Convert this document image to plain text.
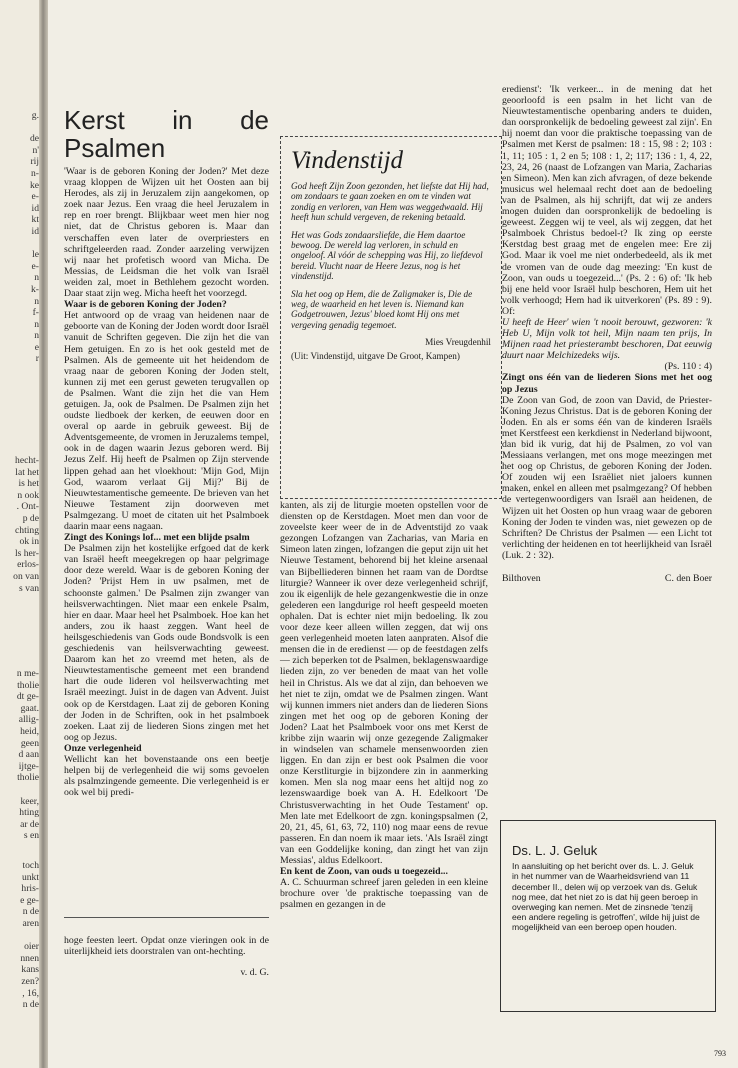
g.

de
n'
rij
n-
ke
e-
id
kt
id

le
e-
n
k-
n
f-
n
n
e
r
hecht-
lat het
is het
n ook
. Ont-
p de
chting
ok in
ls her-
erlos-
on van
s van
n me-
tholie
dt ge-
gaat.
allig-
heid,
geen
d aan
ijtge-
tholie

keer,
hting
ar de
s en
toch
unkt
hris-
e ge-
n de
aren

oier
nnen
kans
zen?
, 16,
n de
Kerst in de Psalmen

'Waar is de geboren Koning der Joden?' Met deze vraag kloppen de Wijzen uit het Oosten aan bij Herodes, als zij in Jeruzalem zijn aangekomen, op zoek naar Jezus. Een vraag die heel Jeruzalem in rep en roer brengt. Blijkbaar weet men hier nog niet, dat de Christus geboren is. Maar dan verschaffen even later de overpriesters en schriftgeleerden raad. Zonder aarzeling verwijzen wij naar het profetisch woord van Micha. De Messias, de Leidsman die het volk van Israël weiden zal, moet in Bethlehem gezocht worden. Daar staat zijn weg. Micha heeft het voorzegd.

Waar is de geboren Koning der Joden?

Het antwoord op de vraag van heidenen naar de geboorte van de Koning der Joden wordt door Israël vanuit de Schriften gegeven. Die zijn het die van Hem getuigen. En zo is het ook gesteld met de Psalmen. Als de gemeente uit het heidendom de vraag naar de geboren Koning der Joden stelt, kunnen zij met een gerust geweten terugvallen op de Psalmen. Want die zijn het die van Hem getuigen. Ja, ook de Psalmen. De Psalmen zijn het oudste liedboek der kerken, de eeuwen door en overal op aarde in gebruik geweest. Bij de Adventsgemeente, de vromen in Jeruzalems tempel, ook in de dagen waarin Jezus geboren werd. Bij Jezus Zelf. Hij heeft de Psalmen op Zijn stervende lippen gehad aan het vloekhout: 'Mijn God, Mijn God, waarom verlaat Gij Mij?' Bij de Nieuwtestamentische gemeente. De brieven van het Nieuwe Testament zijn doorweven met Psalmgezang. U moet de citaten uit het Psalmboek daarin maar eens nagaan.

Zingt des Konings lof... met een blijde psalm

De Psalmen zijn het kostelijke erfgoed dat de kerk van Israël heeft meegekregen op haar pelgrimage door deze wereld. Waar is de geboren Koning der Joden? 'Prijst Hem in uw psalmen, met de schoonste galmen.' De Psalmen zijn zwanger van heilsverwachtingen. Niet maar een enkele Psalm, hier en daar. Maar heel het Psalmboek. Hoe kan het anders, zou ik haast zeggen. Want heel de heilsgeschiedenis van Gods oude Bondsvolk is een geschiedenis van heilsverwachting geweest. Daarom kan het zo vreemd met heten, als de Nieuwtestamentische gemeent met een brandend hart die oude lideren vol heilsverwachting met Israël meezingt. Juist in de dagen van Advent. Juist ook op de Kerstdagen. Laat zij de geboren Koning der Joden in de Schriften, ook in het psalmboek zoeken. Laat zij de liederen Sions zingen met het oog op Jezus.

Onze verlegenheid

Wellicht kan het bovenstaande ons een beetje helpen bij de verlegenheid die wij soms gevoelen als psalmzingende gemeente. Die verlegenheid is er ook wel bij predi-

hoge feesten leert. Opdat onze vieringen ook in de uiterlijkheid iets doorstralen van ont-hechting.

v. d. G.
Vindenstijd

God heeft Zijn Zoon gezonden, het liefste dat Hij had, om zondaars te gaan zoeken en om te vinden wat zondig en verloren, van Hem was weggedwaald. Hij heeft hun schuld vergeven, de rekening betaald.

Het was Gods zondaarsliefde, die Hem daartoe bewoog. De wereld lag verloren, in schuld en ongeloof. Al vóór de schepping was Hij, zo liefdevol bereid. Vlucht naar de Heere Jezus, nog is het vindenstijd.

Sla het oog op Hem, die de Zaligmaker is, Die de weg, de waarheid en het leven is. Niemand kan Godgetrouwen, Jezus' bloed komt Hij ons met vergeving genadig tegemoet.

Mies Vreugdenhil
(Uit: Vindenstijd, uitgave De Groot, Kampen)

kanten, als zij de liturgie moeten opstellen voor de diensten op de Kerstdagen. Moet men dan voor de zoveelste keer weer de in de Adventstijd zo vaak gezongen Lofzangen van Zacharias, van Maria en Simeon laten zingen, lofzangen die geput zijn uit het Nieuwe Testament, behorend bij het kleine arsenaal van Bijbelliederen binnen het raam van de Dordtse liturgie? Wanneer ik over deze verlegenheid schrijf, zou ik eigenlijk de hele gezangenkwestie die in onze gelederen een langdurige rol heeft gespeeld moeten ophalen. Dat is echter niet mijn bedoeling. Ik zou voor deze keer alleen willen zeggen, dat wij ons geen verlegenheid moeten laten aanpraten. Alsof die mensen die in de eredienst — op de feestdagen zelfs — zich beperken tot de Psalmen, beklagenswaardige lieden zijn, zo ver beneden de maat van het volle heil in Christus. Als we dat al zijn, dan behoeven we het niet te zijn, omdat we de Psalmen zingen. Want wij kunnen immers niet anders dan de liederen Sions zingen met het oog op de geboren Koning der Joden? Laat het Psalmboek voor ons met Kerst de kribbe zijn waarin wij onze gezegende Zaligmaker in windselen van schamele mensenwoorden zien liggen. En dan zijn er best ook Psalmen die voor onze Kerstliturgie in bijzondere zin in aanmerking komen. Men sla nog maar eens het altijd nog zo lezenswaardige boek van A. H. Edelkoort 'De Christusverwachting in het Oude Testament' op. Men late met Edelkoort de zgn. koningspsalmen (2, 20, 21, 45, 61, 63, 72, 110) nog maar eens de revue passeren. En dan noem ik maar iets. 'Als Israël zingt van een Goddelijke koning, dan zingt het van zijn Messias', aldus Edelkoort.

En kent de Zoon, van ouds u toegezeid...

A. C. Schuurman schreef jaren geleden in een kleine brochure over 'de praktische toepassing van de psalmen en gezangen in de

eredienst': 'Ik verkeer... in de mening dat het geoorloofd is een psalm in het licht van de Nieuwtestamentische openbaring anders te duiden, dan oorspronkelijk de bedoeling geweest zal zijn'. En hij noemt dan voor die praktische toepassing van de Psalmen met Kerst de psalmen: 18 : 15, 98 : 2; 103 : 1, 11; 105 : 1, 2 en 5; 108 : 1, 2; 117; 136 : 1, 4, 22, 23, 24, 26 (naast de Lofzangen van Maria, Zacharias en Simeon). Men kan zich afvragen, of deze bekende musicus wel helemaal recht doet aan de bedoeling van de Psalmen, als hij schrijft, dat wij ze anders mogen duiden dan oorspronkelijk de bedoeling is geweest. Zeggen wij te veel, als wij zeggen, dat het Psalmboek Christus bedoel-t? Ik zing op eerste Kerstdag best graag met de engelen mee: Ere zij God. Maar ik voel me niet onderbedeeld, als ik met de vromen van de oude dag meezing: 'En kust de Zoon, van ouds u toegezeid...' (Ps. 2 : 6) of: 'Ik heb bij ene held voor Israël hulp beschoren, Hem uit het volk verhoogd; Hem had ik uitverkoren' (Ps. 89 : 9). Of:

U heeft de Heer' wien 't nooit berouwt, gezworen: 'k Heb U, Mijn volk tot heil, Mijn naam ten prijs, In Mijnen raad het priesterambt beschoren, Dat eeuwig duurt naar Melchizedeks wijs.

(Ps. 110 : 4)

Zingt ons één van de liederen Sions met het oog op Jezus

De Zoon van God, de zoon van David, de Priester-Koning Jezus Christus. Dat is de geboren Koning der Joden. En als er soms één van de kinderen Israëls met Kerstfeest een kerkdienst in Nederland bijwoont, dan bid ik vurig, dat hij de Psalmen, zo vol van Messiaans verlangen, met ons moge meezingen met het oog op Christus, de geboren Koning der Joden. Of zouden wij een Israëliet niet jaloers kunnen maken, enkel en alleen met psalmgezang? Of hebben de vertegenwoordigers van Israël aan heidenen, de Wijzen uit het Oosten op hun vraag waar de geboren Koning der Joden te vinden was, niet gewezen op de Schriften? De Christus der Psalmen — een Licht tot verlichting der heidenen en tot heerlijkheid van Israël (Luk. 2 : 32).

Bilthoven	C. den Boer
Ds. L. J. Geluk
In aansluiting op het bericht over ds. L. J. Geluk in het nummer van de Waarheidsvriend van 11 december II., delen wij op verzoek van ds. Geluk nog mee, dat het niet zo is dat hij geen beroep in overweging kan nemen. Met de zinsnede 'tenzij een andere regeling is getroffen', wilde hij juist de mogelijkheid van een beroep open houden.
793
